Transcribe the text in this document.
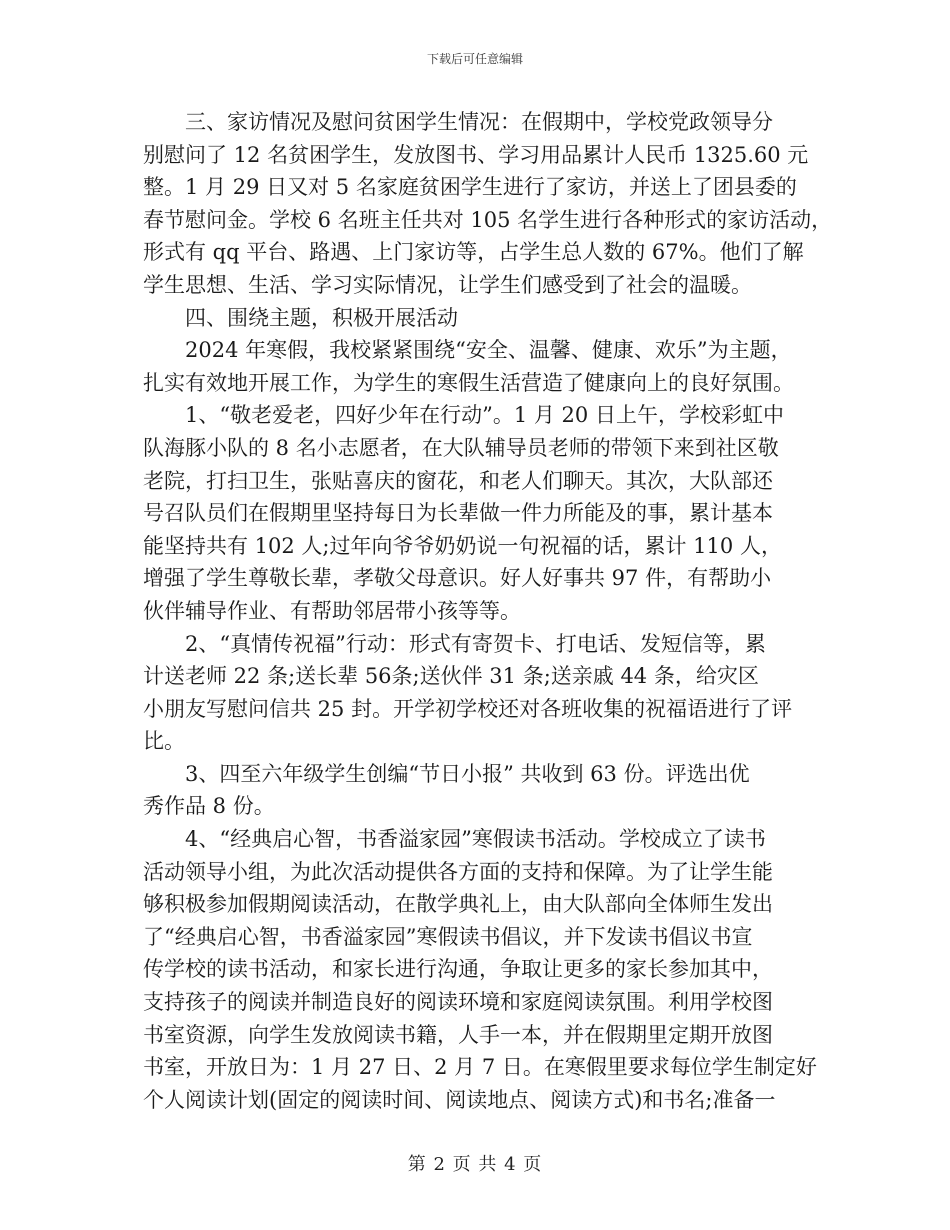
下载后可任意编辑
三、家访情况及慰问贫困学生情况：在假期中，学校党政领导分
别慰问了 12 名贫困学生，发放图书、学习用品累计人民币 1325.60 元
整。1 月 29 日又对 5 名家庭贫困学生进行了家访，并送上了团县委的
春节慰问金。学校 6 名班主任共对 105 名学生进行各种形式的家访活动，
形式有 qq 平台、路遇、上门家访等，占学生总人数的 67%。他们了解
学生思想、生活、学习实际情况，让学生们感受到了社会的温暖。
四、围绕主题，积极开展活动
2024 年寒假，我校紧紧围绕“安全、温馨、健康、欢乐”为主题，
扎实有效地开展工作，为学生的寒假生活营造了健康向上的良好氛围。
1、“敬老爱老，四好少年在行动”。1 月 20 日上午，学校彩虹中
队海豚小队的 8 名小志愿者，在大队辅导员老师的带领下来到社区敬
老院，打扫卫生，张贴喜庆的窗花，和老人们聊天。其次，大队部还
号召队员们在假期里坚持每日为长辈做一件力所能及的事，累计基本
能坚持共有 102 人;过年向爷爷奶奶说一句祝福的话，累计 110 人，
增强了学生尊敬长辈，孝敬父母意识。好人好事共 97 件，有帮助小
伙伴辅导作业、有帮助邻居带小孩等等。
2、“真情传祝福”行动：形式有寄贺卡、打电话、发短信等，累
计送老师 22 条;送长辈 56条;送伙伴 31 条;送亲戚 44 条，给灾区
小朋友写慰问信共 25 封。开学初学校还对各班收集的祝福语进行了评
比。
3、四至六年级学生创编“节日小报” 共收到 63 份。评选出优
秀作品 8 份。
4、“经典启心智，书香溢家园”寒假读书活动。学校成立了读书
活动领导小组，为此次活动提供各方面的支持和保障。为了让学生能
够积极参加假期阅读活动，在散学典礼上，由大队部向全体师生发出
了“经典启心智，书香溢家园”寒假读书倡议，并下发读书倡议书宣
传学校的读书活动，和家长进行沟通，争取让更多的家长参加其中，
支持孩子的阅读并制造良好的阅读环境和家庭阅读氛围。利用学校图
书室资源，向学生发放阅读书籍，人手一本，并在假期里定期开放图
书室，开放日为：1 月 27 日、2 月 7 日。在寒假里要求每位学生制定好
个人阅读计划(固定的阅读时间、阅读地点、阅读方式)和书名;准备一
第 2 页 共 4 页
